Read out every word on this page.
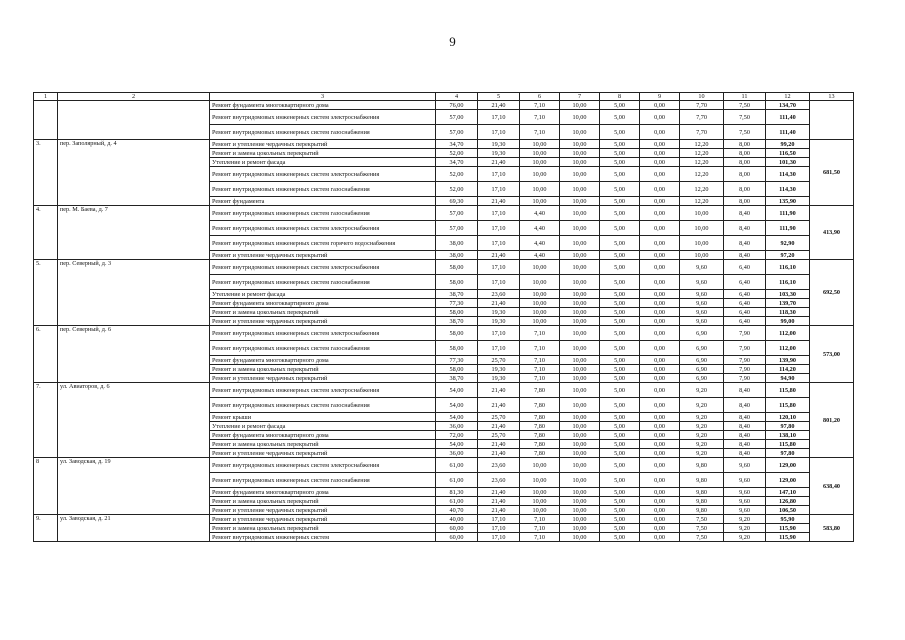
9
1	2	3	4	5	6	7	8	9	10	11	12	13
		Ремонт фундамента многоквартирного дома	76,00	21,40	7,10	10,00	5,00	0,00	7,70	7,50	134,70	
		Ремонт внутридомовых инженерных систем электроснабжения	57,00	17,10	7,10	10,00	5,00	0,00	7,70	7,50	111,40	
		Ремонт внутридомовых инженерных систем газоснабжения	57,00	17,10	7,10	10,00	5,00	0,00	7,70	7,50	111,40	
3.	пер. Заполярный, д. 4	Ремонт и утепление чердачных перекрытий	34,70	19,30	10,00	10,00	5,00	0,00	12,20	8,00	99,20	681,50
		Ремонт и замена цокольных перекрытий	52,00	19,30	10,00	10,00	5,00	0,00	12,20	8,00	116,50	
		Утепление и ремонт фасада	34,70	21,40	10,00	10,00	5,00	0,00	12,20	8,00	101,30	
		Ремонт внутридомовых инженерных систем электроснабжения	52,00	17,10	10,00	10,00	5,00	0,00	12,20	8,00	114,30	
		Ремонт внутридомовых инженерных систем газоснабжения	52,00	17,10	10,00	10,00	5,00	0,00	12,20	8,00	114,30	
		Ремонт фундамента	69,30	21,40	10,00	10,00	5,00	0,00	12,20	8,00	135,90	
4.	пер. М. Баева, д. 7	Ремонт внутридомовых инженерных систем газоснабжения	57,00	17,10	4,40	10,00	5,00	0,00	10,00	8,40	111,90	413,90
		Ремонт внутридомовых инженерных систем электроснабжения	57,00	17,10	4,40	10,00	5,00	0,00	10,00	8,40	111,90	
		Ремонт внутридомовых инженерных систем горячего водоснабжения	38,00	17,10	4,40	10,00	5,00	0,00	10,00	8,40	92,90	
		Ремонт и утепление чердачных перекрытий	38,00	21,40	4,40	10,00	5,00	0,00	10,00	8,40	97,20	
5.	пер. Северный, д. 3	Ремонт внутридомовых инженерных систем электроснабжения	58,00	17,10	10,00	10,00	5,00	0,00	9,60	6,40	116,10	692,50
		Ремонт внутридомовых инженерных систем газоснабжения	58,00	17,10	10,00	10,00	5,00	0,00	9,60	6,40	116,10	
		Утепление и ремонт фасада	38,70	23,60	10,00	10,00	5,00	0,00	9,60	6,40	103,30	
		Ремонт фундамента многоквартирного дома	77,30	21,40	10,00	10,00	5,00	0,00	9,60	6,40	139,70	
		Ремонт и замена цокольных перекрытий	58,00	19,30	10,00	10,00	5,00	0,00	9,60	6,40	118,30	
		Ремонт и утепление чердачных перекрытий	38,70	19,30	10,00	10,00	5,00	0,00	9,60	6,40	99,00	
6.	пер. Северный, д. 6	Ремонт внутридомовых инженерных систем электроснабжения	58,00	17,10	7,10	10,00	5,00	0,00	6,90	7,90	112,00	573,00
		Ремонт внутридомовых инженерных систем газоснабжения	58,00	17,10	7,10	10,00	5,00	0,00	6,90	7,90	112,00	
		Ремонт фундамента многоквартирного дома	77,30	25,70	7,10	10,00	5,00	0,00	6,90	7,90	139,90	
		Ремонт и замена цокольных перекрытий	58,00	19,30	7,10	10,00	5,00	0,00	6,90	7,90	114,20	
		Ремонт и утепление чердачных перекрытий	38,70	19,30	7,10	10,00	5,00	0,00	6,90	7,90	94,90	
7.	ул. Авиаторов, д. 6	Ремонт внутридомовых инженерных систем электроснабжения	54,00	21,40	7,80	10,00	5,00	0,00	9,20	8,40	115,80	801,20
		Ремонт внутридомовых инженерных систем газоснабжения	54,00	21,40	7,80	10,00	5,00	0,00	9,20	8,40	115,80	
		Ремонт крыши	54,00	25,70	7,80	10,00	5,00	0,00	9,20	8,40	120,10	
		Утепление и ремонт фасада	36,00	21,40	7,80	10,00	5,00	0,00	9,20	8,40	97,80	
		Ремонт фундамента многоквартирного дома	72,00	25,70	7,80	10,00	5,00	0,00	9,20	8,40	138,10	
		Ремонт и замена цокольных перекрытий	54,00	21,40	7,80	10,00	5,00	0,00	9,20	8,40	115,80	
		Ремонт и утепление чердачных перекрытий	36,00	21,40	7,80	10,00	5,00	0,00	9,20	8,40	97,80	
8	ул. Заводская, д. 19	Ремонт внутридомовых инженерных систем электроснабжения	61,00	23,60	10,00	10,00	5,00	0,00	9,80	9,60	129,00	638,40
		Ремонт внутридомовых инженерных систем газоснабжения	61,00	23,60	10,00	10,00	5,00	0,00	9,80	9,60	129,00	
		Ремонт фундамента многоквартирного дома	81,30	21,40	10,00	10,00	5,00	0,00	9,80	9,60	147,10	
		Ремонт и замена цокольных перекрытий	61,00	21,40	10,00	10,00	5,00	0,00	9,80	9,60	126,80	
		Ремонт и утепление чердачных перекрытий	40,70	21,40	10,00	10,00	5,00	0,00	9,80	9,60	106,50	
9.	ул. Заводская, д. 21	Ремонт и утепление чердачных перекрытий	40,00	17,10	7,10	10,00	5,00	0,00	7,50	9,20	95,90	583,80
		Ремонт и замена цокольных перекрытий	60,00	17,10	7,10	10,00	5,00	0,00	7,50	9,20	115,90	
		Ремонт внутридомовых инженерных систем	60,00	17,10	7,10	10,00	5,00	0,00	7,50	9,20	115,90	
